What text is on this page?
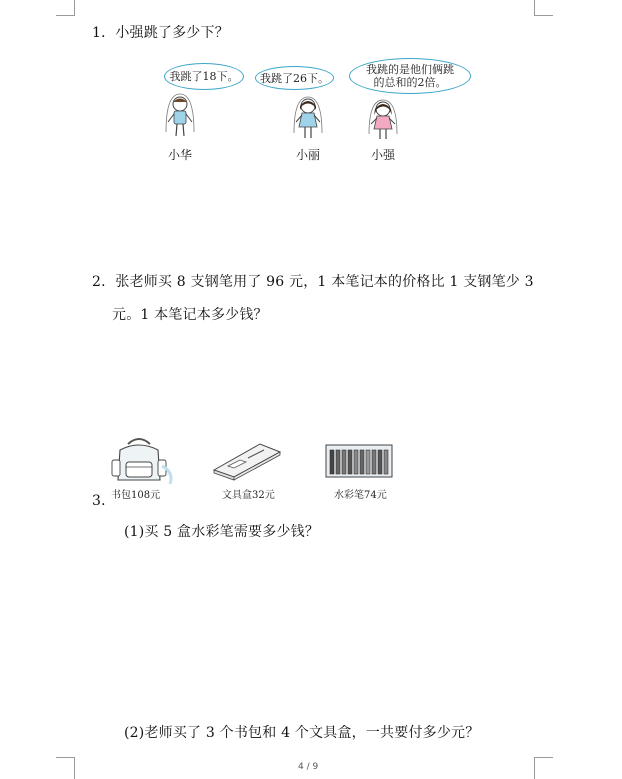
1．小强跳了多少下？
我跳了18下。 我跳了26下。
我跳的是他们俩跳
的总和的2倍。
小华	小丽	小强
2．张老师买 8 支钢笔用了 96 元，1 本笔记本的价格比 1 支钢笔少 3
元。1 本笔记本多少钱？
3．
书包108元	文具盒32元	水彩笔74元
(1)买 5 盒水彩笔需要多少钱？
(2)老师买了 3 个书包和 4 个文具盒，一共要付多少元？
4 / 9
